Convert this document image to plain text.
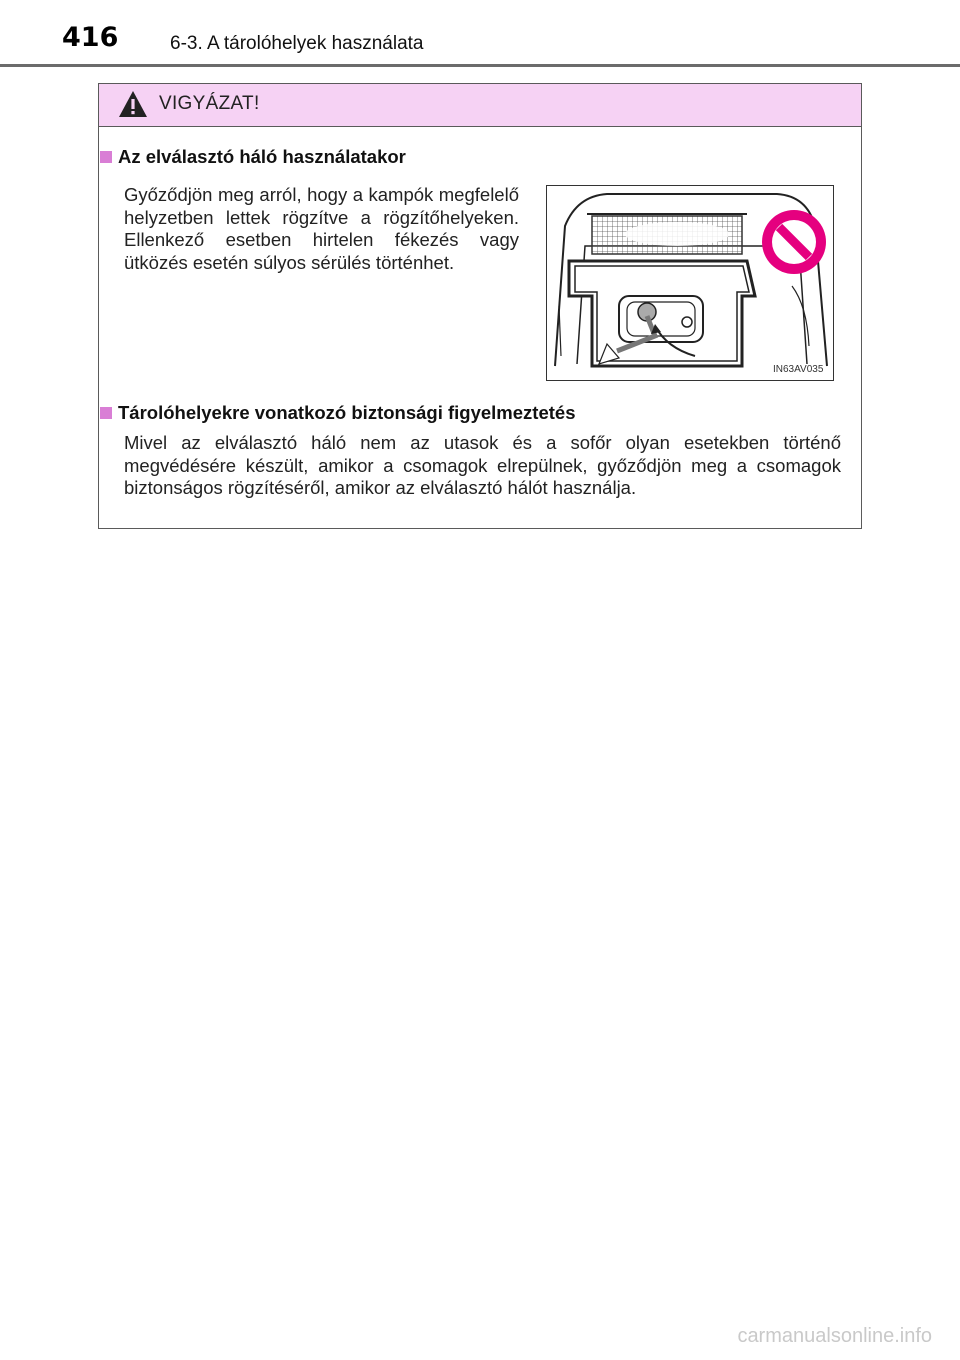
416	6-3. A tárolóhelyek használata
VIGYÁZAT!
Az elválasztó háló használatakor
Győződjön meg arról, hogy a kampók megfelelő helyzetben lettek rögzítve a rögzítőhelyeken. Ellenkező esetben hirtelen fékezés vagy ütközés esetén súlyos sérülés történhet.
IN63AV035
Tárolóhelyekre vonatkozó biztonsági figyelmeztetés
Mivel az elválasztó háló nem az utasok és a sofőr olyan esetekben történő megvédésére készült, amikor a csomagok elrepülnek, győződjön meg a csomagok biztonságos rögzítéséről, amikor az elválasztó hálót használja.
carmanualsonline.info
